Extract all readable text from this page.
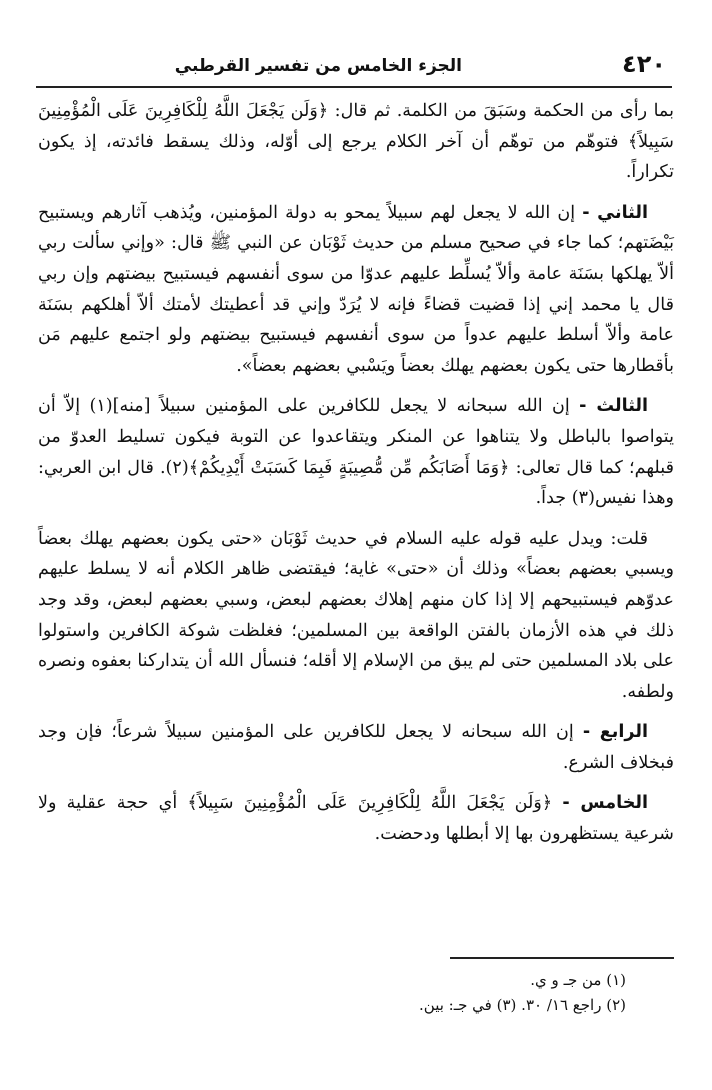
٤٢٠
الجزء الخامس من تفسير القرطبي

بما رأى من الحكمة وسَبَقَ من الكلمة. ثم قال: ﴿وَلَن يَجْعَلَ اللَّهُ لِلْكَافِرِينَ عَلَى الْمُؤْمِنِينَ سَبِيلاً﴾ فتوهّم من توهّم أن آخر الكلام يرجع إلى أوّله، وذلك يسقط فائدته، إذ يكون تكراراً.

الثاني - إن الله لا يجعل لهم سبيلاً يمحو به دولة المؤمنين، ويُذهب آثارهم ويستبيح بَيْضَتهم؛ كما جاء في صحيح مسلم من حديث ثَوْبَان عن النبي ﷺ قال: «وإني سألت ربي ألاّ يهلكها بسَنَة عامة وألاّ يُسلِّط عليهم عدوّا من سوى أنفسهم فيستبيح بيضتهم وإن ربي قال يا محمد إني إذا قضيت قضاءً فإنه لا يُرَدّ وإني قد أعطيتك لأمتك ألاّ أهلكهم بسَنَة عامة وألاّ أسلط عليهم عدواً من سوى أنفسهم فيستبيح بيضتهم ولو اجتمع عليهم مَن بأقطارها حتى يكون بعضهم يهلك بعضاً ويَسْبي بعضهم بعضاً».

الثالث - إن الله سبحانه لا يجعل للكافرين على المؤمنين سبيلاً [منه](١) إلاّ أن يتواصوا بالباطل ولا يتناهوا عن المنكر ويتقاعدوا عن التوبة فيكون تسليط العدوّ من قبلهم؛ كما قال تعالى: ﴿وَمَا أَصَابَكُم مِّن مُّصِيبَةٍ فَبِمَا كَسَبَتْ أَيْدِيكُمْ﴾(٢). قال ابن العربي: وهذا نفيس(٣) جداً.

قلت: ويدل عليه قوله عليه السلام في حديث ثَوْبَان «حتى يكون بعضهم يهلك بعضاً ويسبي بعضهم بعضاً» وذلك أن «حتى» غاية؛ فيقتضى ظاهر الكلام أنه لا يسلط عليهم عدوّهم فيستبيحهم إلا إذا كان منهم إهلاك بعضهم لبعض، وسبي بعضهم لبعض، وقد وجد ذلك في هذه الأزمان بالفتن الواقعة بين المسلمين؛ فغلظت شوكة الكافرين واستولوا على بلاد المسلمين حتى لم يبق من الإسلام إلا أقله؛ فنسأل الله أن يتداركنا بعفوه ونصره ولطفه.

الرابع - إن الله سبحانه لا يجعل للكافرين على المؤمنين سبيلاً شرعاً؛ فإن وجد فبخلاف الشرع.

الخامس - ﴿وَلَن يَجْعَلَ اللَّهُ لِلْكَافِرِينَ عَلَى الْمُؤْمِنِينَ سَبِيلاً﴾ أي حجة عقلية ولا شرعية يستظهرون بها إلا أبطلها ودحضت.

(١) من جـ و ي.
(٢) راجع ١٦/ ٣٠. (٣) في جـ: بين.
